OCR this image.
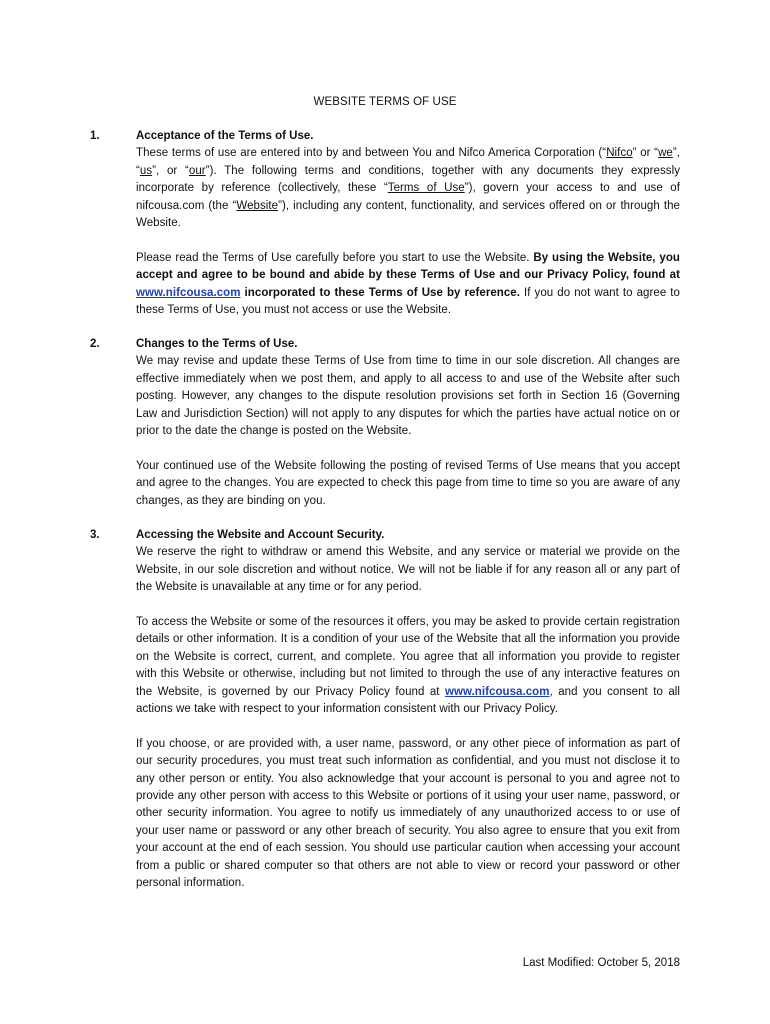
WEBSITE TERMS OF USE
1.	Acceptance of the Terms of Use.

These terms of use are entered into by and between You and Nifco America Corporation (“Nifco” or “we”, “us”, or “our”). The following terms and conditions, together with any documents they expressly incorporate by reference (collectively, these “Terms of Use”), govern your access to and use of nifcousa.com (the “Website”), including any content, functionality, and services offered on or through the Website.

Please read the Terms of Use carefully before you start to use the Website. By using the Website, you accept and agree to be bound and abide by these Terms of Use and our Privacy Policy, found at www.nifcousa.com incorporated to these Terms of Use by reference. If you do not want to agree to these Terms of Use, you must not access or use the Website.

2.	Changes to the Terms of Use.

We may revise and update these Terms of Use from time to time in our sole discretion. All changes are effective immediately when we post them, and apply to all access to and use of the Website after such posting. However, any changes to the dispute resolution provisions set forth in Section 16 (Governing Law and Jurisdiction Section) will not apply to any disputes for which the parties have actual notice on or prior to the date the change is posted on the Website.

Your continued use of the Website following the posting of revised Terms of Use means that you accept and agree to the changes. You are expected to check this page from time to time so you are aware of any changes, as they are binding on you.

3.	Accessing the Website and Account Security.

We reserve the right to withdraw or amend this Website, and any service or material we provide on the Website, in our sole discretion and without notice. We will not be liable if for any reason all or any part of the Website is unavailable at any time or for any period.

To access the Website or some of the resources it offers, you may be asked to provide certain registration details or other information. It is a condition of your use of the Website that all the information you provide on the Website is correct, current, and complete. You agree that all information you provide to register with this Website or otherwise, including but not limited to through the use of any interactive features on the Website, is governed by our Privacy Policy found at www.nifcousa.com, and you consent to all actions we take with respect to your information consistent with our Privacy Policy.

If you choose, or are provided with, a user name, password, or any other piece of information as part of our security procedures, you must treat such information as confidential, and you must not disclose it to any other person or entity. You also acknowledge that your account is personal to you and agree not to provide any other person with access to this Website or portions of it using your user name, password, or other security information. You agree to notify us immediately of any unauthorized access to or use of your user name or password or any other breach of security. You also agree to ensure that you exit from your account at the end of each session. You should use particular caution when accessing your account from a public or shared computer so that others are not able to view or record your password or other personal information.

Last Modified: October 5, 2018
